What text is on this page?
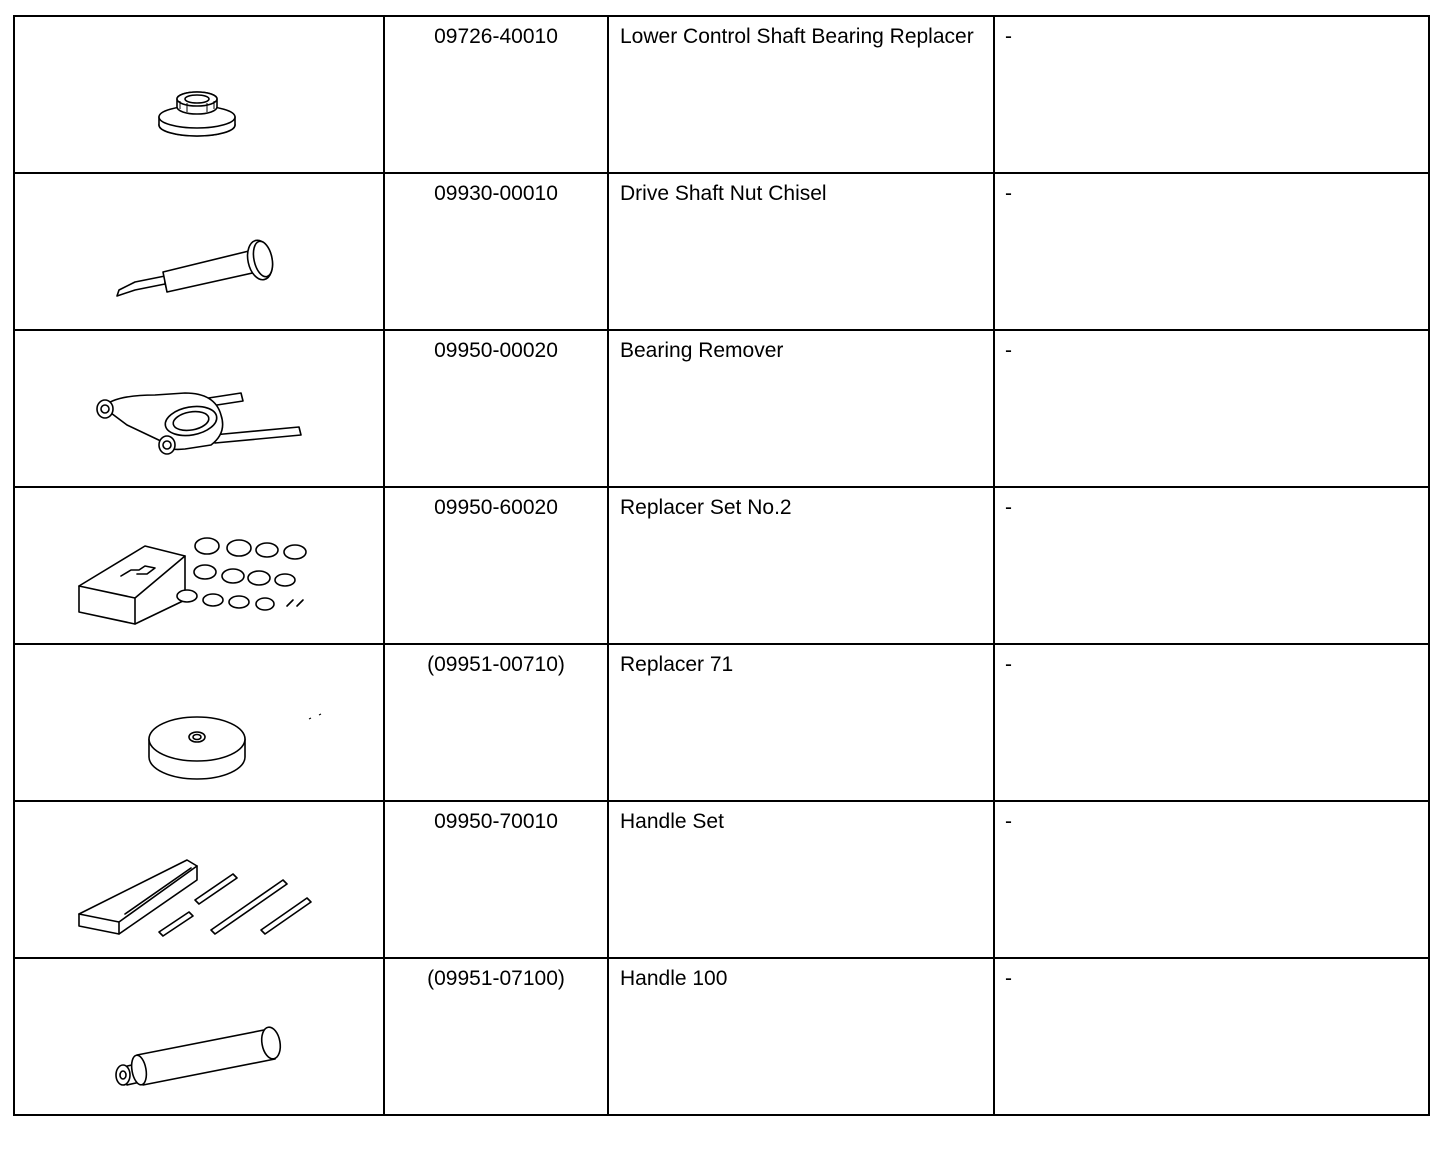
	09726-40010	Lower Control Shaft Bearing Replacer	-

	09930-00010	Drive Shaft Nut Chisel	-

	09950-00020	Bearing Remover	-

	09950-60020	Replacer Set No.2	-

	(09951-00710)	Replacer 71	-

	09950-70010	Handle Set	-

	(09951-07100)	Handle 100	-
